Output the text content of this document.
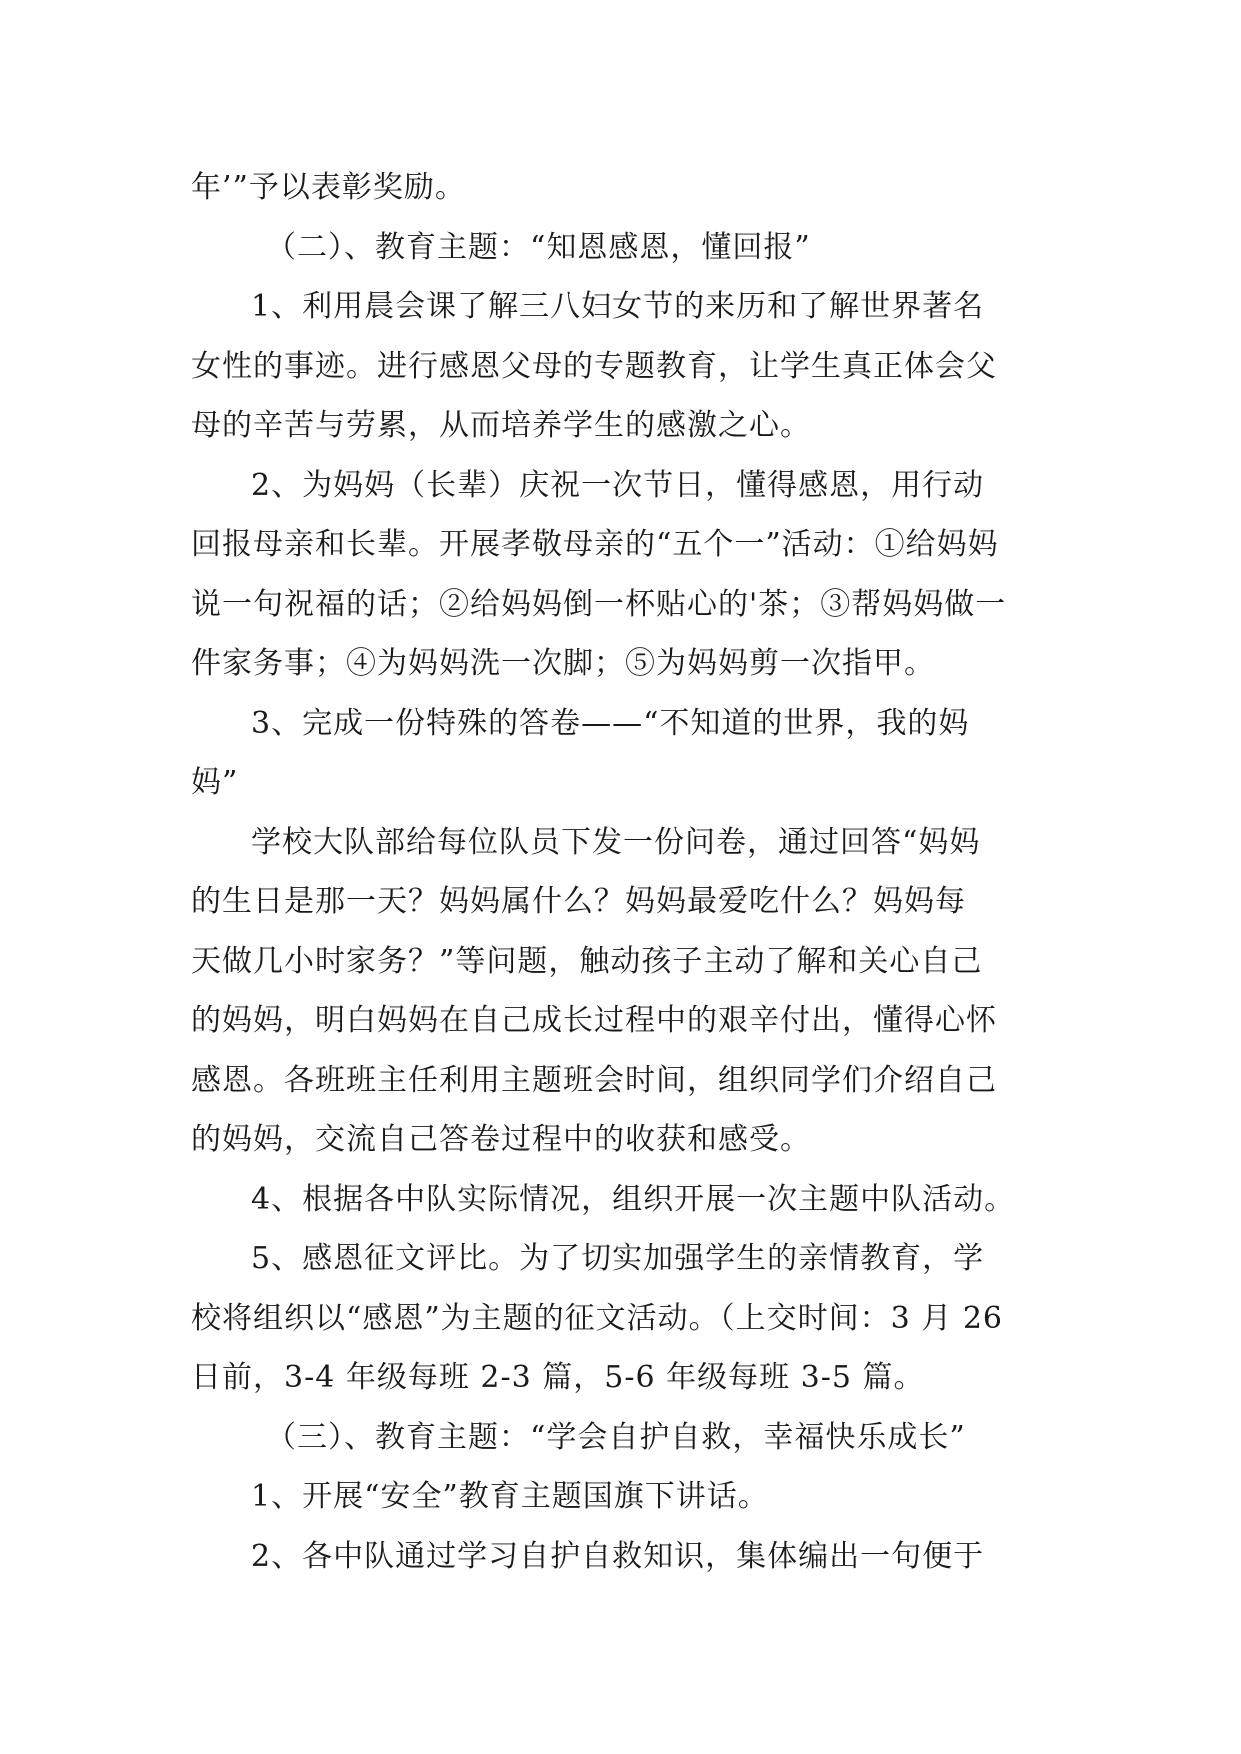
年’”予以表彰奖励。
（二）、教育主题：“知恩感恩，懂回报”
1、利用晨会课了解三八妇女节的来历和了解世界著名
女性的事迹。进行感恩父母的专题教育，让学生真正体会父
母的辛苦与劳累，从而培养学生的感激之心。
2、为妈妈（长辈）庆祝一次节日，懂得感恩，用行动
回报母亲和长辈。开展孝敬母亲的“五个一”活动：①给妈妈
说一句祝福的话；②给妈妈倒一杯贴心的'茶；③帮妈妈做一
件家务事；④为妈妈洗一次脚；⑤为妈妈剪一次指甲。
3、完成一份特殊的答卷——“不知道的世界，我的妈
妈”
学校大队部给每位队员下发一份问卷，通过回答“妈妈
的生日是那一天？妈妈属什么？妈妈最爱吃什么？妈妈每
天做几小时家务？”等问题，触动孩子主动了解和关心自己
的妈妈，明白妈妈在自己成长过程中的艰辛付出，懂得心怀
感恩。各班班主任利用主题班会时间，组织同学们介绍自己
的妈妈，交流自己答卷过程中的收获和感受。
4、根据各中队实际情况，组织开展一次主题中队活动。
5、感恩征文评比。为了切实加强学生的亲情教育，学
校将组织以“感恩”为主题的征文活动。（上交时间：3 月 26
日前，3-4 年级每班 2-3 篇，5-6 年级每班 3-5 篇。
（三）、教育主题：“学会自护自救，幸福快乐成长”
1、开展“安全”教育主题国旗下讲话。
2、各中队通过学习自护自救知识，集体编出一句便于
